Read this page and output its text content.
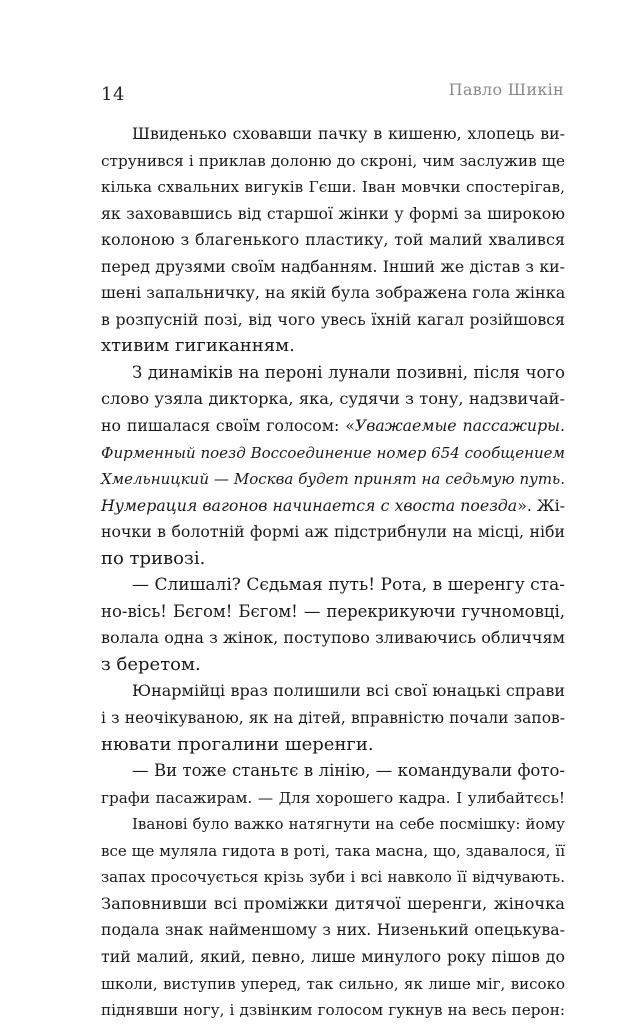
14	Павло Шикін
Швиденько сховавши пачку в кишеню, хлопець ви-
струнився і приклав долоню до скроні, чим заслужив ще
кілька схвальних вигуків Гєши. Іван мовчки спостерігав,
як заховавшись від старшої жінки у формі за широкою
колоною з благенького пластику, той малий хвалився
перед друзями своїм надбанням. Інший же дістав з ки-
шені запальничку, на якій була зображена гола жінка
в розпусній позі, від чого увесь їхній кагал розійшовся
хтивим гигиканням.
З динаміків на пероні лунали позивні, після чого
слово узяла дикторка, яка, судячи з тону, надзвичай-
но пишалася своїм голосом: «Уважаемые пассажиры.
Фирменный поезд Воссоединение номер 654 сообщением
Хмельницкий — Москва будет принят на седьмую путь.
Нумерация вагонов начинается с хвоста поезда». Жі-
ночки в болотній формі аж підстрибнули на місці, ніби
по тривозі.
— Слишалі? Сєдьмая путь! Рота, в шеренгу ста-
но-вісь! Бєгом! Бєгом! — перекрикуючи гучномовці,
волала одна з жінок, поступово зливаючись обличчям
з беретом.
Юнармійці враз полишили всі свої юнацькі справи
і з неочікуваною, як на дітей, вправністю почали запов-
нювати прогалини шеренги.
— Ви тоже станьтє в лінію, — командували фото-
графи пасажирам. — Для хорошего кадра. І улибайтєсь!
Іванові було важко натягнути на себе посмішку: йому
все ще муляла гидота в роті, така масна, що, здавалося, її
запах просочується крізь зуби і всі навколо її відчувають.
Заповнивши всі проміжки дитячої шеренги, жіночка
подала знак найменшому з них. Низенький опецькува-
тий малий, який, певно, лише минулого року пішов до
школи, виступив уперед, так сильно, як лише міг, високо
піднявши ногу, і дзвінким голосом гукнув на весь перон:
